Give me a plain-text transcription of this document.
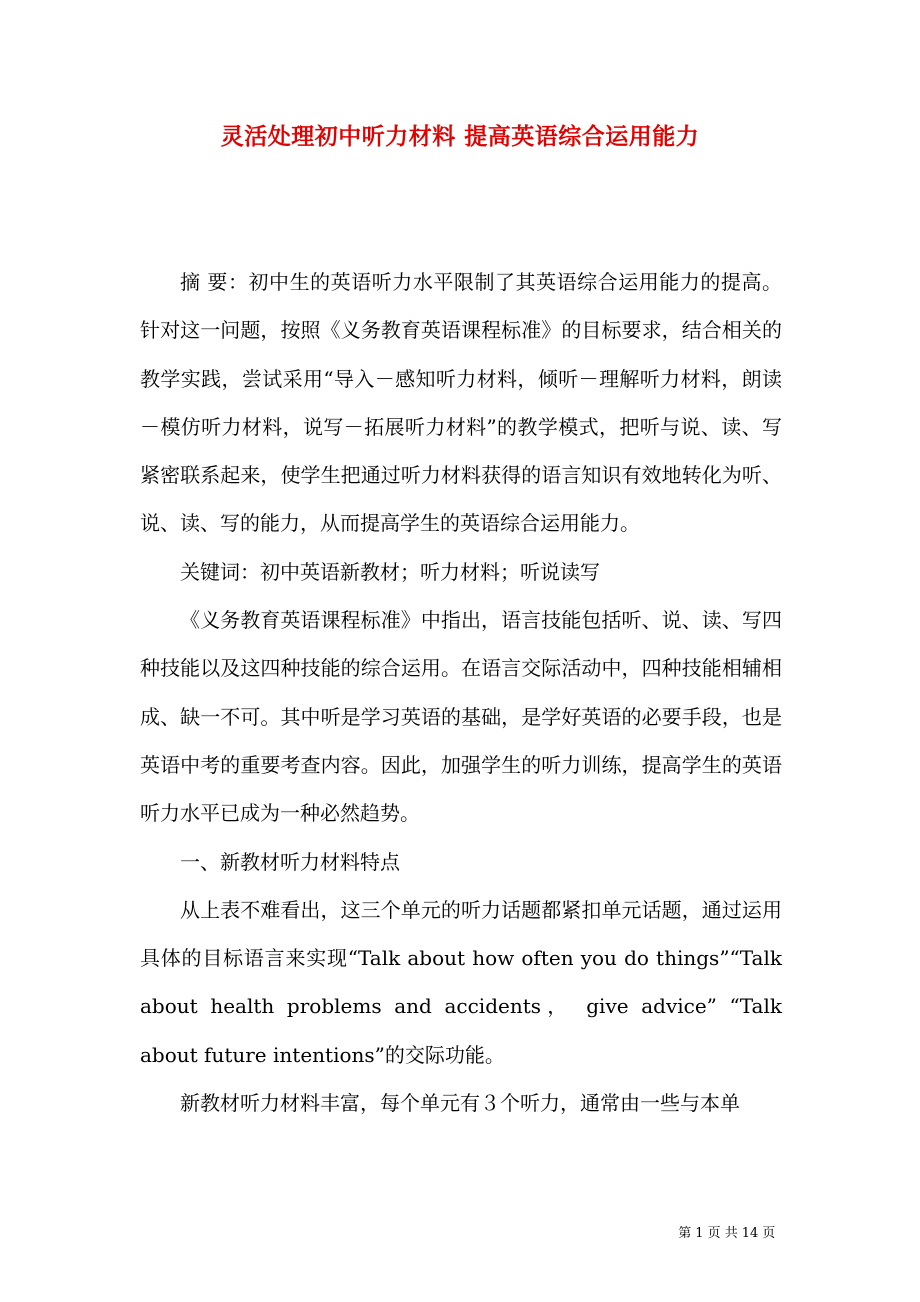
灵活处理初中听力材料 提高英语综合运用能力

摘 要：初中生的英语听力水平限制了其英语综合运用能力的提高。针对这一问题，按照《义务教育英语课程标准》的目标要求，结合相关的教学实践，尝试采用“导入－感知听力材料，倾听－理解听力材料，朗读－模仿听力材料，说写－拓展听力材料”的教学模式，把听与说、读、写紧密联系起来，使学生把通过听力材料获得的语言知识有效地转化为听、说、读、写的能力，从而提高学生的英语综合运用能力。

关键词：初中英语新教材；听力材料；听说读写

《义务教育英语课程标准》中指出，语言技能包括听、说、读、写四种技能以及这四种技能的综合运用。在语言交际活动中，四种技能相辅相成、缺一不可。其中听是学习英语的基础，是学好英语的必要手段，也是英语中考的重要考查内容。因此，加强学生的听力训练，提高学生的英语听力水平已成为一种必然趋势。

一、新教材听力材料特点

从上表不难看出，这三个单元的听力话题都紧扣单元话题，通过运用具体的目标语言来实现“Talk about how often you do things”“Talk about health problems and accidents， give advice” “Talk about future intentions”的交际功能。

新教材听力材料丰富，每个单元有３个听力，通常由一些与本单

第 1 页 共 14 页
